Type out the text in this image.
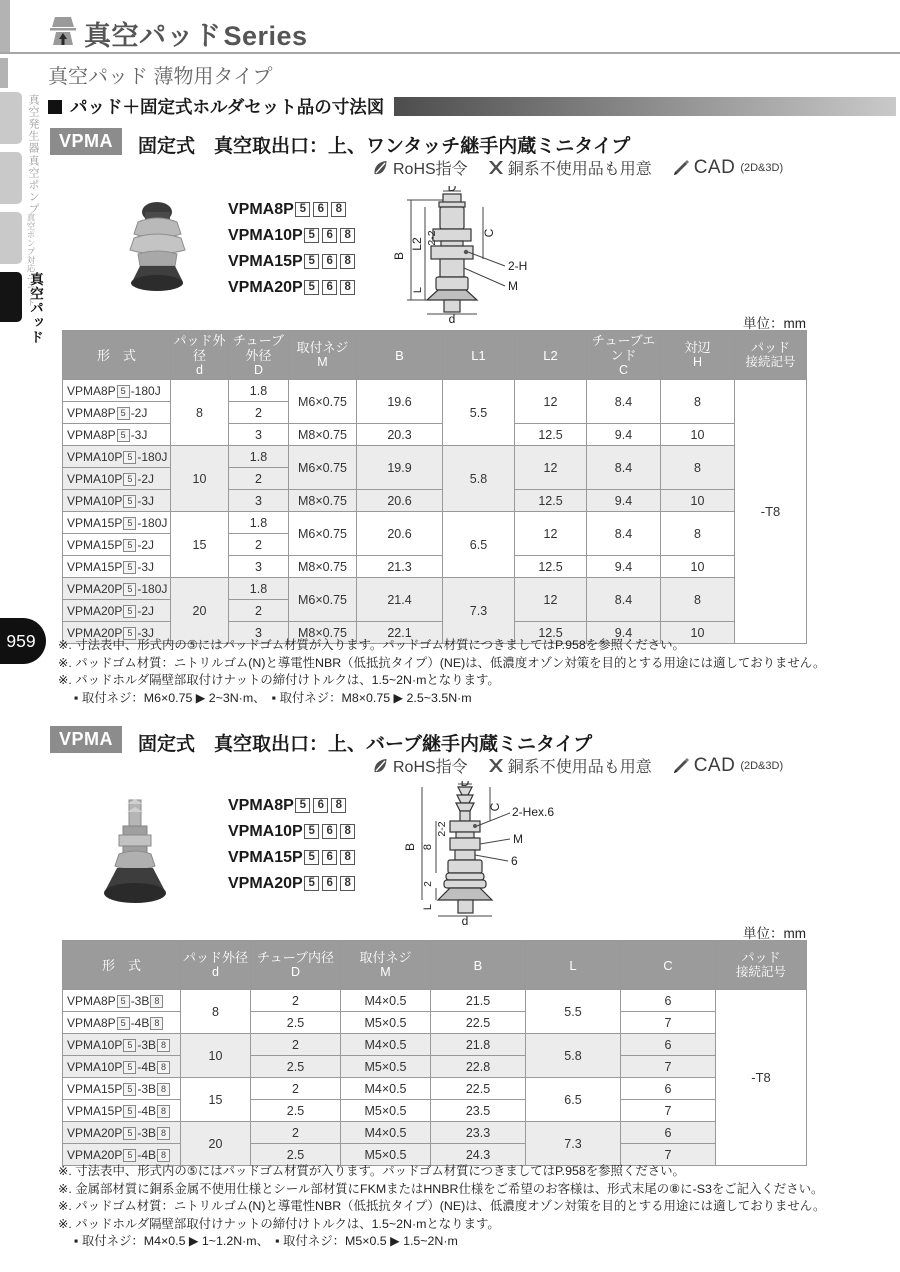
真空パッドSeries
真空パッド 薄物用タイプ
真空発生器
真空ポンプ
真空ポンプ対応ユニット
真空パッド
959
パッド＋固定式ホルダセット品の寸法図
VPMA	固定式　真空取出口：上、ワンタッチ継手内蔵ミニタイプ
RoHS指令	銅系不使用品も用意 CAD (2D&3D)
VPMA8P 5 6 8
VPMA10P 5 6 8
VPMA15P 5 6 8
VPMA20P 5 6 8
B
L2
L
D
C
2-2
2-H
M
d	単位：mm
形　式

パッド外径
d

チューブ外径
D

取付ネジ
M	B	L1	L2

チューブエンド
C

対辺
H

パッド
接続記号

VPMA8P 5 -180J	8	1.8	M6×0.75	19.6	5.5	12	8.4	8	-T8
VPMA8P 5 -2J		2							
VPMA8P 5 -3J		3	M8×0.75	20.3		12.5	9.4	10	
VPMA10P 5 -180J	10	1.8	M6×0.75	19.9	5.8	12	8.4	8	
VPMA10P 5 -2J		2							
VPMA10P 5 -3J		3	M8×0.75	20.6		12.5	9.4	10	
VPMA15P 5 -180J	15	1.8	M6×0.75	20.6	6.5	12	8.4	8	
VPMA15P 5 -2J		2							
VPMA15P 5 -3J		3	M8×0.75	21.3		12.5	9.4	10	
VPMA20P 5 -180J	20	1.8	M6×0.75	21.4	7.3	12	8.4	8	
VPMA20P 5 -2J		2							
VPMA20P 5 -3J		3	M8×0.75	22.1		12.5	9.4	10	
※. 寸法表中、形式内の⑤にはパッドゴム材質が入ります。パッドゴム材質につきましてはP.958を参照ください。
※. パッドゴム材質：ニトリルゴム(N)と導電性NBR（低抵抗タイプ）(NE)は、低濃度オゾン対策を目的とする用途には適しておりません。
※. パッドホルダ隔壁部取付けナットの締付けトルクは、1.5~2N·mとなります。
▪ 取付ネジ：M6×0.75 ▶ 2~3N·m、　▪ 取付ネジ：M8×0.75 ▶ 2.5~3.5N·m
VPMA	固定式　真空取出口：上、バーブ継手内蔵ミニタイプ
RoHS指令	銅系不使用品も用意 CAD (2D&3D)
VPMA8P 5 6 8
VPMA10P 5 6 8
VPMA15P 5 6 8
VPMA20P 5 6 8
D
B 8
2
L
2-2
C 2-Hex.6
M
6
d
単位：mm
形　式	パッド外径
d

チューブ内径
D

取付ネジ
M	B	L	C	パッド
接続記号

VPMA8P 5 -3B 8	8	2	M4×0.5	21.5	5.5	6	-T8
VPMA8P 5 -4B 8		2.5	M5×0.5	22.5		7	
VPMA10P 5 -3B 8	10	2	M4×0.5	21.8	5.8	6	
VPMA10P 5 -4B 8		2.5	M5×0.5	22.8		7	
VPMA15P 5 -3B 8	15	2	M4×0.5	22.5	6.5	6	
VPMA15P 5 -4B 8		2.5	M5×0.5	23.5		7	
VPMA20P 5 -3B 8	20	2	M4×0.5	23.3	7.3	6	
VPMA20P 5 -4B 8		2.5	M5×0.5	24.3		7	
※. 寸法表中、形式内の⑤にはパッドゴム材質が入ります。パッドゴム材質につきましてはP.958を参照ください。
※. 金属部材質に銅系金属不使用仕様とシール部材質にFKMまたはHNBR仕様をご希望のお客様は、形式末尾の⑧に-S3をご記入ください。
※. パッドゴム材質：ニトリルゴム(N)と導電性NBR（低抵抗タイプ）(NE)は、低濃度オゾン対策を目的とする用途には適しておりません。
※. パッドホルダ隔壁部取付けナットの締付けトルクは、1.5~2N·mとなります。
▪ 取付ネジ：M4×0.5 ▶ 1~1.2N·m、　▪ 取付ネジ：M5×0.5 ▶ 1.5~2N·m
